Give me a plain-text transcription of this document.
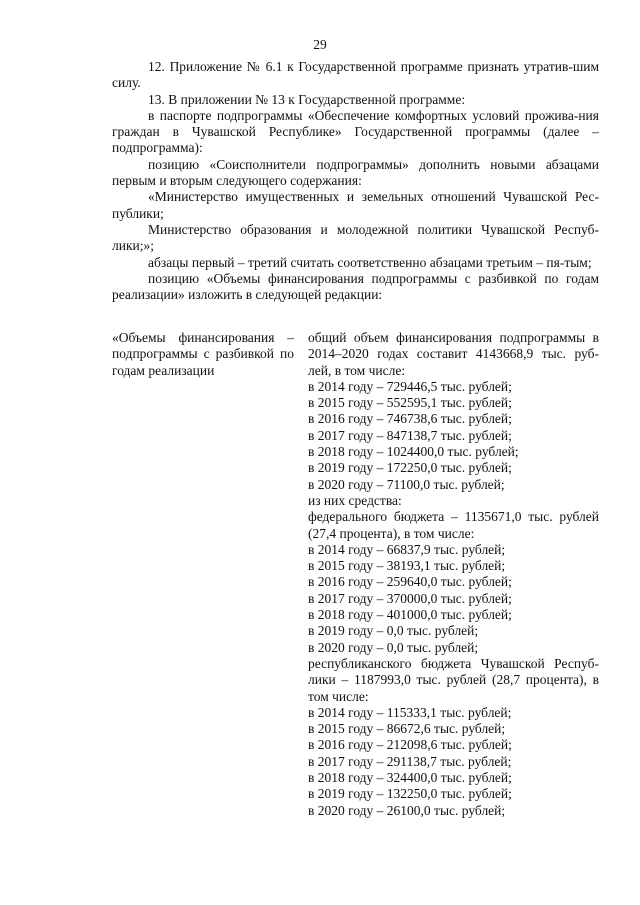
29

12. Приложение № 6.1 к Государственной программе признать утратив-шим силу.

13. В приложении № 13 к Государственной программе:

в паспорте подпрограммы «Обеспечение комфортных условий прожива-ния граждан в Чувашской Республике» Государственной программы (далее – подпрограмма):

позицию «Соисполнители подпрограммы» дополнить новыми абзацами первым и вторым следующего содержания:

«Министерство имущественных и земельных отношений Чувашской Рес-публики;

Министерство образования и молодежной политики Чувашской Респуб-лики;»;

абзацы первый – третий считать соответственно абзацами третьим – пя-тым;

позицию «Объемы финансирования подпрограммы с разбивкой по годам реализации» изложить в следующей редакции:

«Объемы финансирования – подпрограммы с разбивкой по годам реализации
общий объем финансирования подпрограммы в
2014–2020 годах составит 4143668,9 тыс. руб-
лей, в том числе:
в 2014 году – 729446,5 тыс. рублей;
в 2015 году – 552595,1 тыс. рублей;
в 2016 году – 746738,6 тыс. рублей;
в 2017 году – 847138,7 тыс. рублей;
в 2018 году – 1024400,0 тыс. рублей;
в 2019 году – 172250,0 тыс. рублей;
в 2020 году – 71100,0 тыс. рублей;
из них средства:
федерального бюджета – 1135671,0 тыс. рублей
(27,4 процента), в том числе:
в 2014 году – 66837,9 тыс. рублей;
в 2015 году – 38193,1 тыс. рублей;
в 2016 году – 259640,0 тыс. рублей;
в 2017 году – 370000,0 тыс. рублей;
в 2018 году – 401000,0 тыс. рублей;
в 2019 году – 0,0 тыс. рублей;
в 2020 году – 0,0 тыс. рублей;
республиканского бюджета Чувашской Респуб-
лики – 1187993,0 тыс. рублей (28,7 процента), в
том числе:
в 2014 году – 115333,1 тыс. рублей;
в 2015 году – 86672,6 тыс. рублей;
в 2016 году – 212098,6 тыс. рублей;
в 2017 году – 291138,7 тыс. рублей;
в 2018 году – 324400,0 тыс. рублей;
в 2019 году – 132250,0 тыс. рублей;
в 2020 году – 26100,0 тыс. рублей;
